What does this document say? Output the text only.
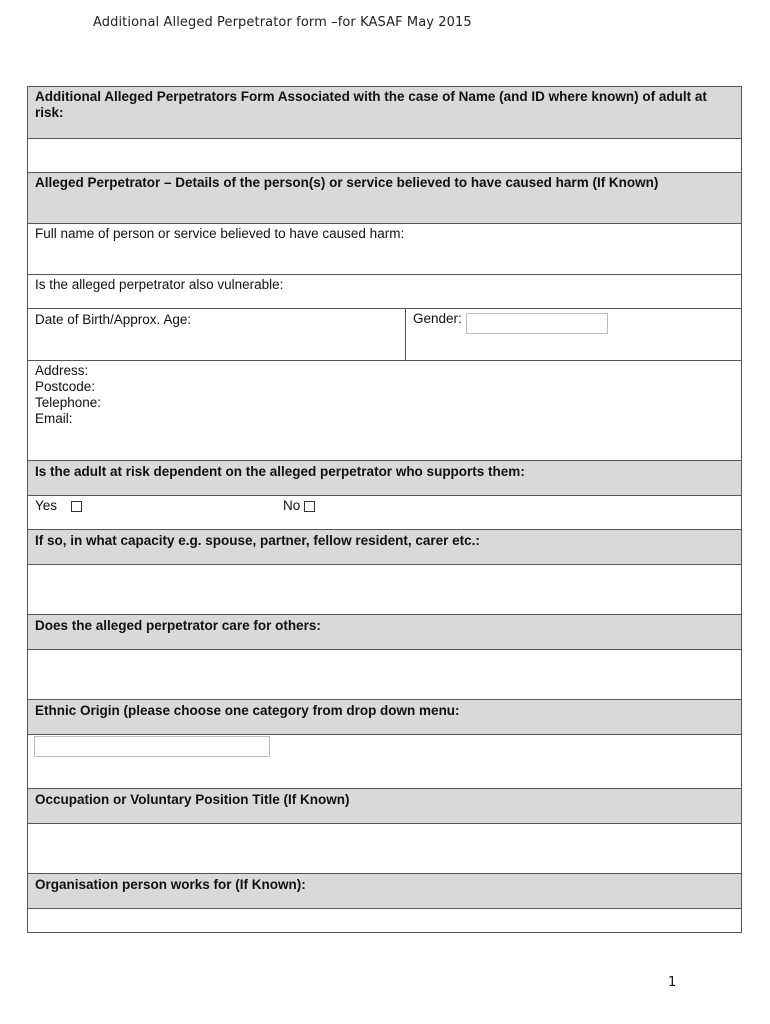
Additional Alleged Perpetrator form –for KASAF May 2015
Additional Alleged Perpetrators Form Associated with the case of Name (and ID where known) of adult at risk:
Alleged Perpetrator – Details of the person(s) or service believed to have caused harm (If Known)
Full name of person or service believed to have caused harm:
Is the alleged perpetrator also vulnerable:
Date of Birth/Approx. Age:	Gender:
Address:
Postcode:
Telephone:
Email:
Is the adult at risk dependent on the alleged perpetrator who supports them:
Yes	No
If so, in what capacity e.g. spouse, partner, fellow resident, carer etc.:
Does the alleged perpetrator care for others:
Ethnic Origin (please choose one category from drop down menu:
Occupation or Voluntary Position Title (If Known)
Organisation person works for (If Known):
1
